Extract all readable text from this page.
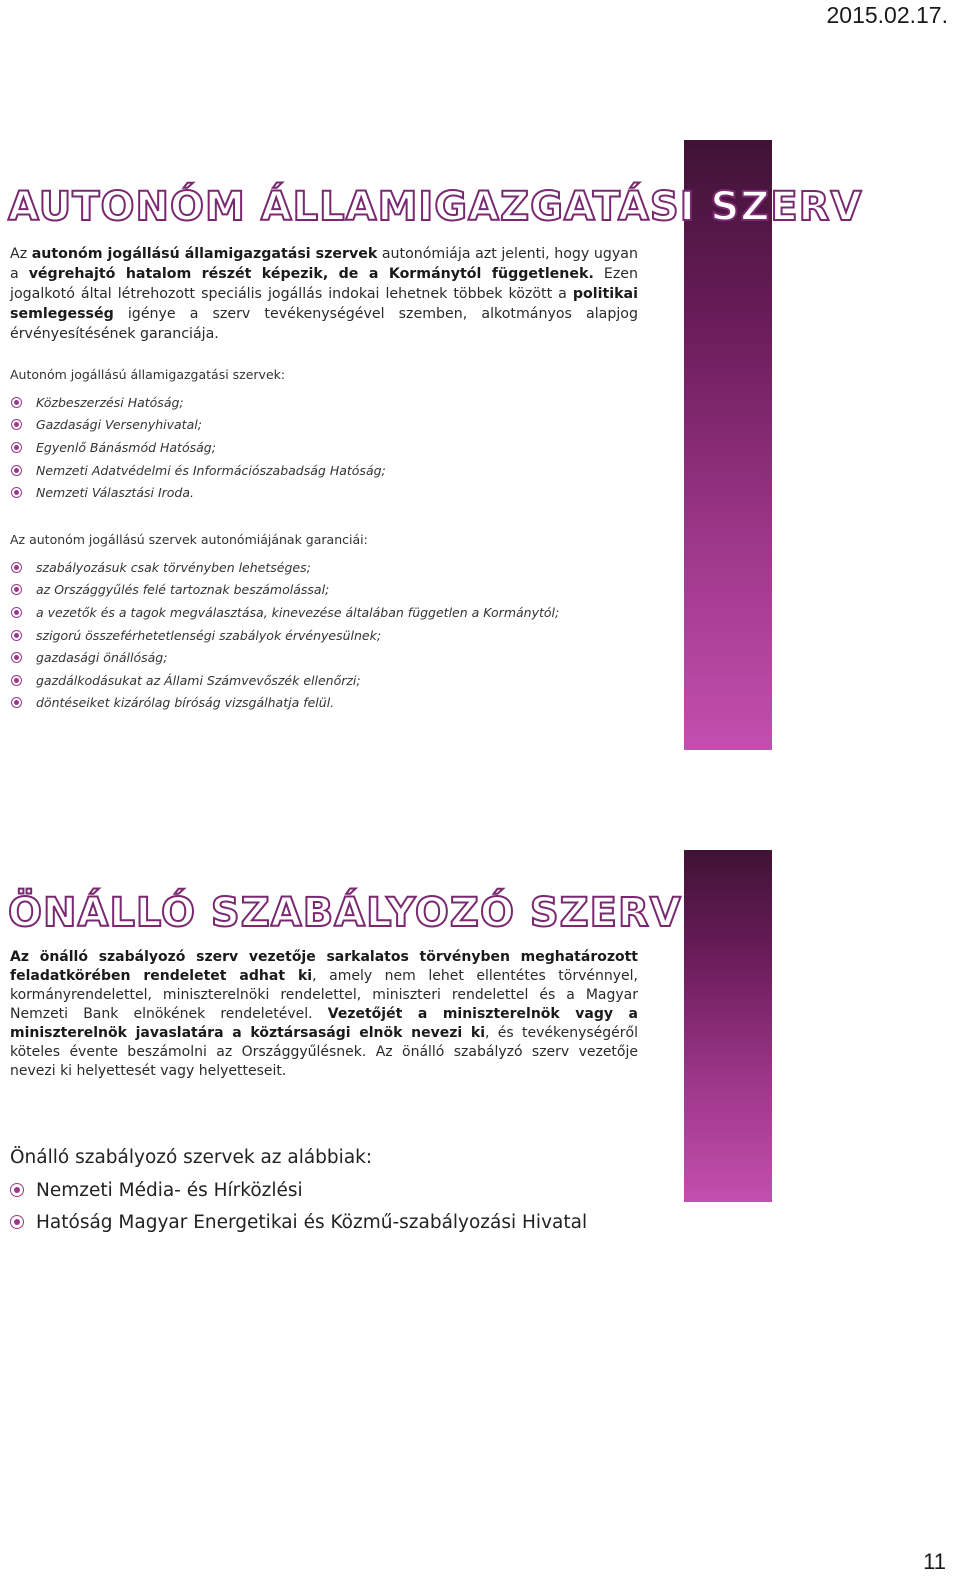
2015.02.17.
AUTONÓM ÁLLAMIGAZGATÁSI SZERV

Az autonóm jogállású államigazgatási szervek autonómiája azt jelenti, hogy ugyan a végrehajtó hatalom részét képezik, de a Kormánytól függetlenek. Ezen jogalkotó által létrehozott speciális jogállás indokai lehetnek többek között a politikai semlegesség igénye a szerv tevékenységével szemben, alkotmányos alapjog érvényesítésének garanciája.

Autonóm jogállású államigazgatási szervek:
Közbeszerzési Hatóság;
Gazdasági Versenyhivatal;
Egyenlő Bánásmód Hatóság;
Nemzeti Adatvédelmi és Információszabadság Hatóság;
Nemzeti Választási Iroda.
Az autonóm jogállású szervek autonómiájának garanciái:
szabályozásuk csak törvényben lehetséges;
az Országgyűlés felé tartoznak beszámolással;
a vezetők és a tagok megválasztása, kinevezése általában független a Kormánytól;
szigorú összeférhetetlenségi szabályok érvényesülnek;
gazdasági önállóság;
gazdálkodásukat az Állami Számvevőszék ellenőrzi;
döntéseiket kizárólag bíróság vizsgálhatja felül.
ÖNÁLLÓ SZABÁLYOZÓ SZERV

Az önálló szabályozó szerv vezetője sarkalatos törvényben meghatározott feladatkörében rendeletet adhat ki, amely nem lehet ellentétes törvénnyel, kormányrendelettel, miniszterelnöki rendelettel, miniszteri rendelettel és a Magyar Nemzeti Bank elnökének rendeletével. Vezetőjét a miniszterelnök vagy a miniszterelnök javaslatára a köztársasági elnök nevezi ki, és tevékenységéről köteles évente beszámolni az Országgyűlésnek. Az önálló szabályzó szerv vezetője nevezi ki helyettesét vagy helyetteseit.

Önálló szabályozó szervek az alábbiak:
Nemzeti Média- és Hírközlési
Hatóság Magyar Energetikai és Közmű-szabályozási Hivatal
11
